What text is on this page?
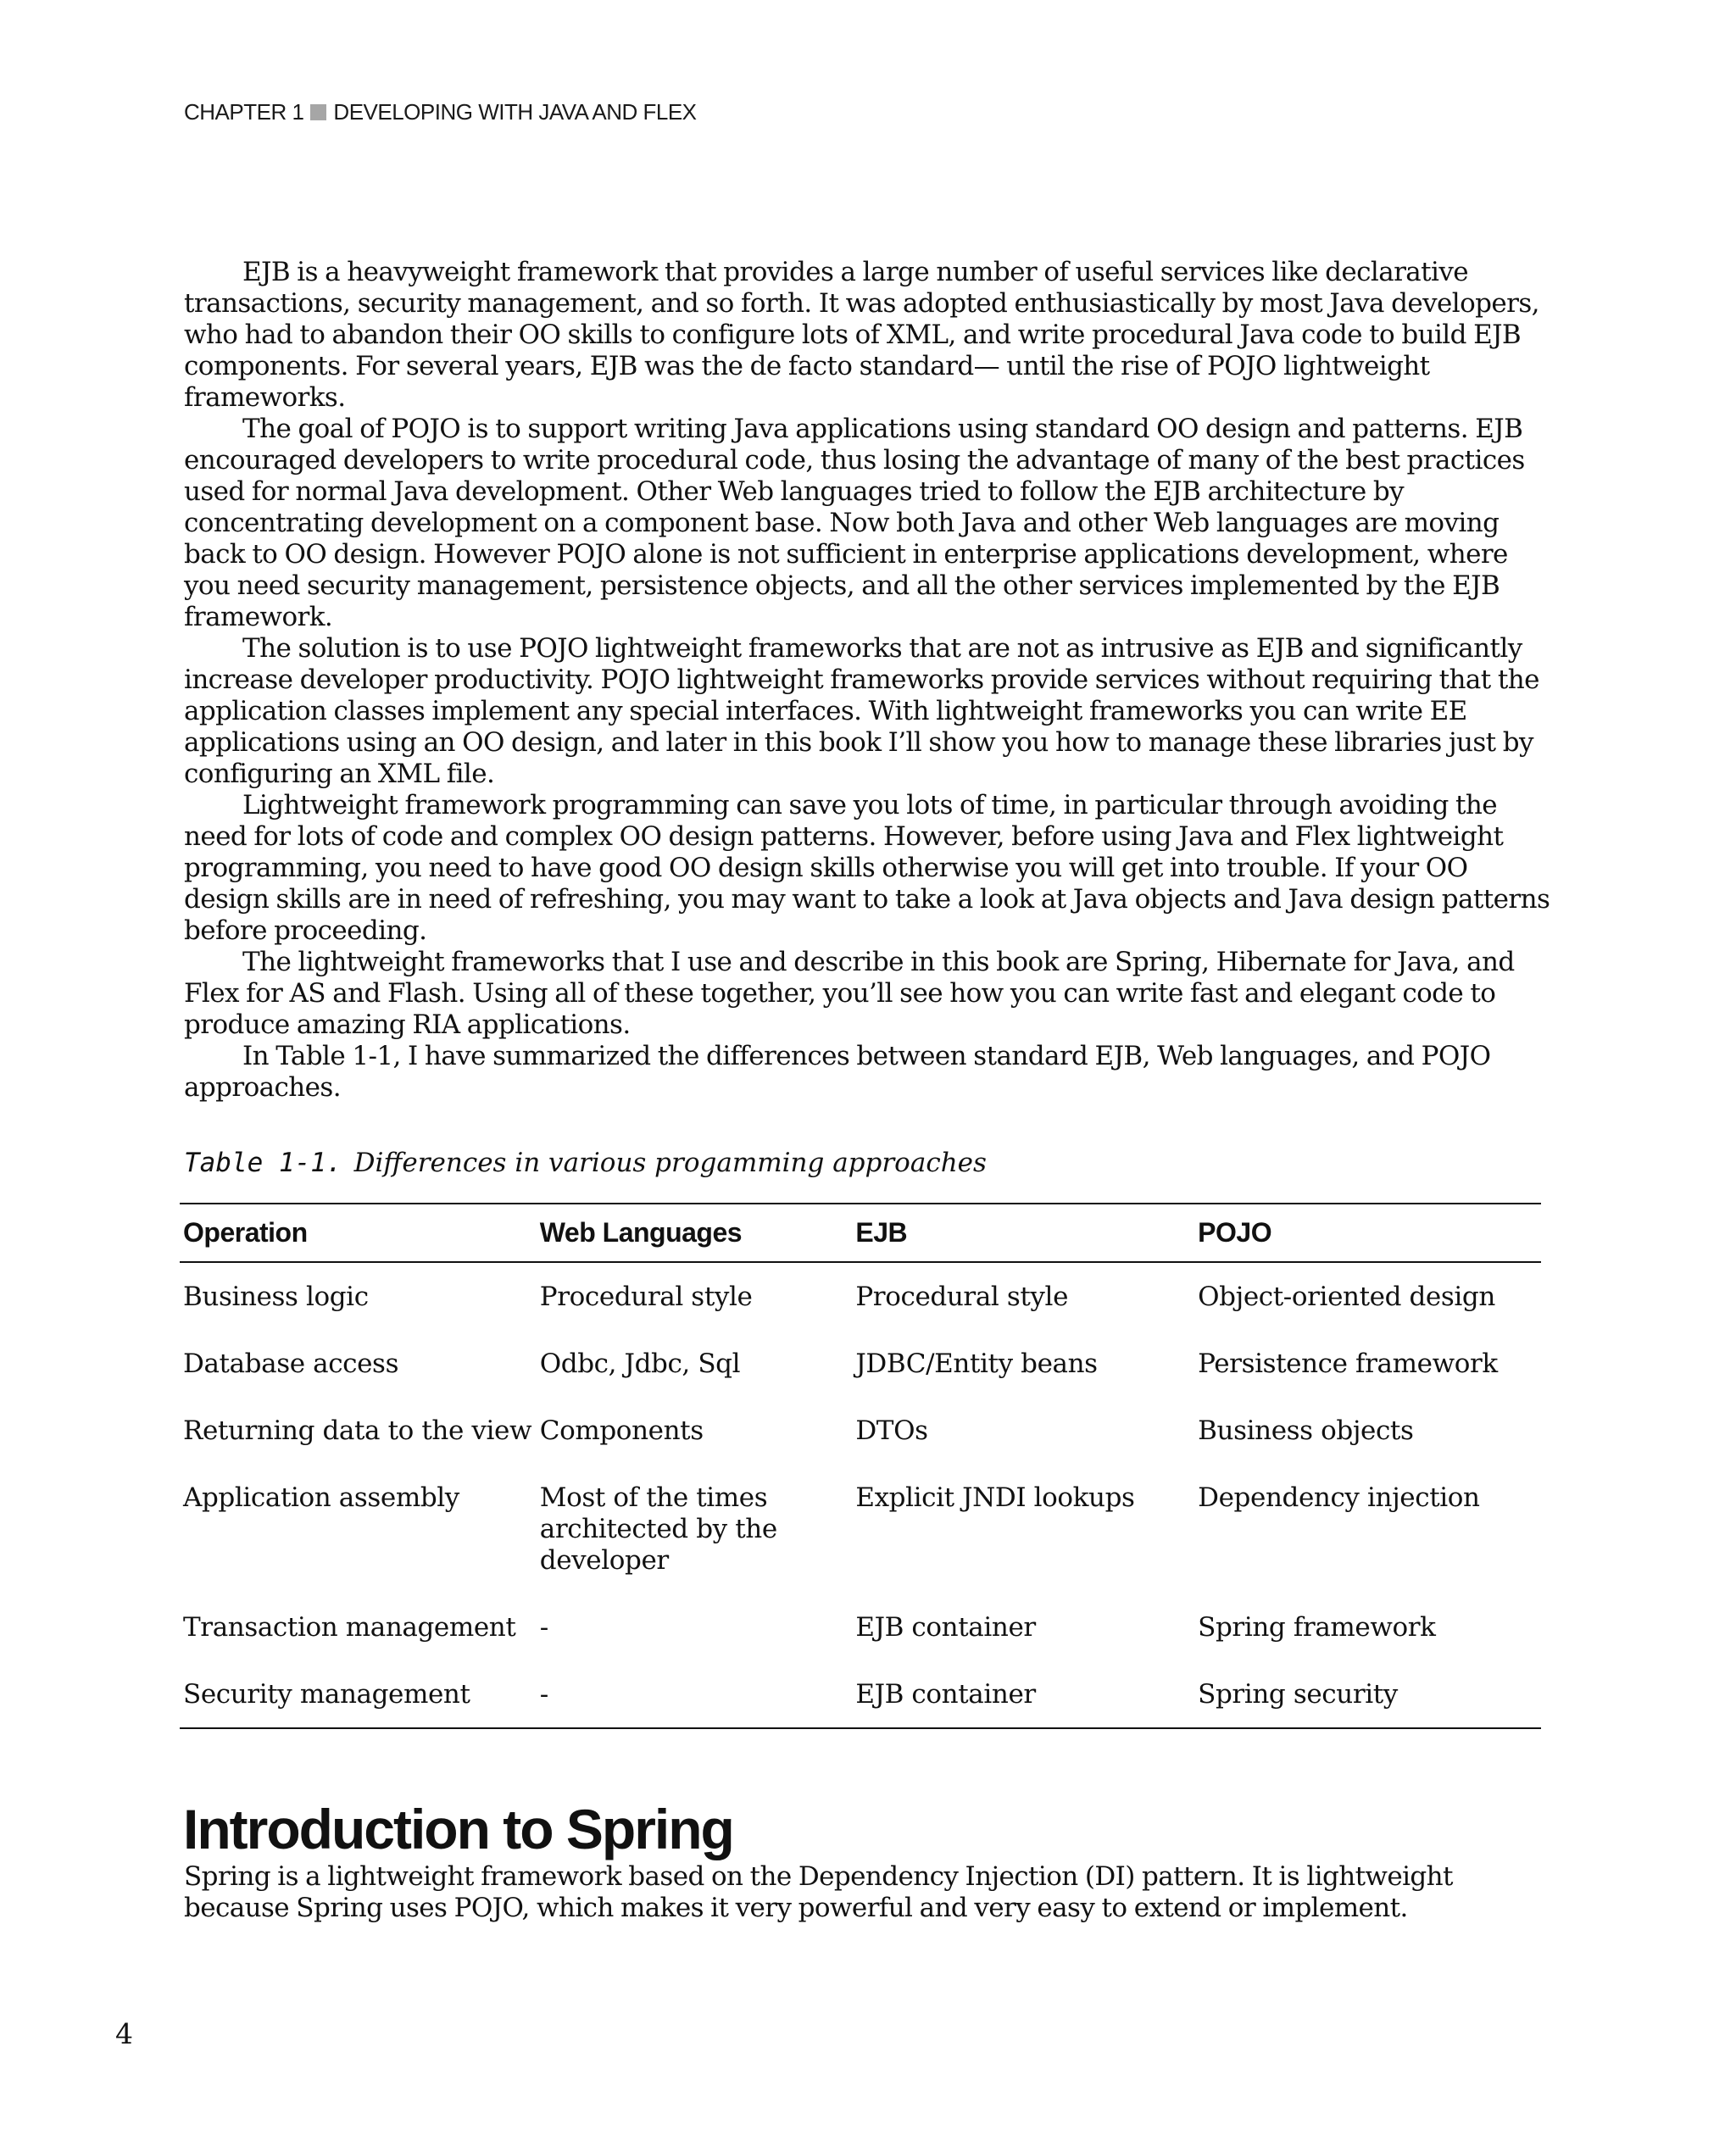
CHAPTER 1 DEVELOPING WITH JAVA AND FLEX

EJB is a heavyweight framework that provides a large number of useful services like declarative transactions, security management, and so forth. It was adopted enthusiastically by most Java developers, who had to abandon their OO skills to configure lots of XML, and write procedural Java code to build EJB components. For several years, EJB was the de facto standard— until the rise of POJO lightweight frameworks.

The goal of POJO is to support writing Java applications using standard OO design and patterns. EJB encouraged developers to write procedural code, thus losing the advantage of many of the best practices used for normal Java development. Other Web languages tried to follow the EJB architecture by concentrating development on a component base. Now both Java and other Web languages are moving back to OO design. However POJO alone is not sufficient in enterprise applications development, where you need security management, persistence objects, and all the other services implemented by the EJB framework.

The solution is to use POJO lightweight frameworks that are not as intrusive as EJB and significantly increase developer productivity. POJO lightweight frameworks provide services without requiring that the application classes implement any special interfaces. With lightweight frameworks you can write EE applications using an OO design, and later in this book I’ll show you how to manage these libraries just by configuring an XML file.

Lightweight framework programming can save you lots of time, in particular through avoiding the need for lots of code and complex OO design patterns. However, before using Java and Flex lightweight programming, you need to have good OO design skills otherwise you will get into trouble. If your OO design skills are in need of refreshing, you may want to take a look at Java objects and Java design patterns before proceeding.

The lightweight frameworks that I use and describe in this book are Spring, Hibernate for Java, and Flex for AS and Flash. Using all of these together, you’ll see how you can write fast and elegant code to produce amazing RIA applications.

In Table 1-1, I have summarized the differences between standard EJB, Web languages, and POJO approaches.

Table 1-1. Differences in various progamming approaches
Operation	Web Languages	EJB	POJO
Business logic	Procedural style	Procedural style	Object-oriented design
Database access	Odbc, Jdbc, Sql	JDBC/Entity beans	Persistence framework
Returning data to the view	Components	DTOs	Business objects
Application assembly	Most of the times architected by the developer	Explicit JNDI lookups	Dependency injection
Transaction management	-	EJB container	Spring framework
Security management	-	EJB container	Spring security
Introduction to Spring

Spring is a lightweight framework based on the Dependency Injection (DI) pattern. It is lightweight because Spring uses POJO, which makes it very powerful and very easy to extend or implement.

4
